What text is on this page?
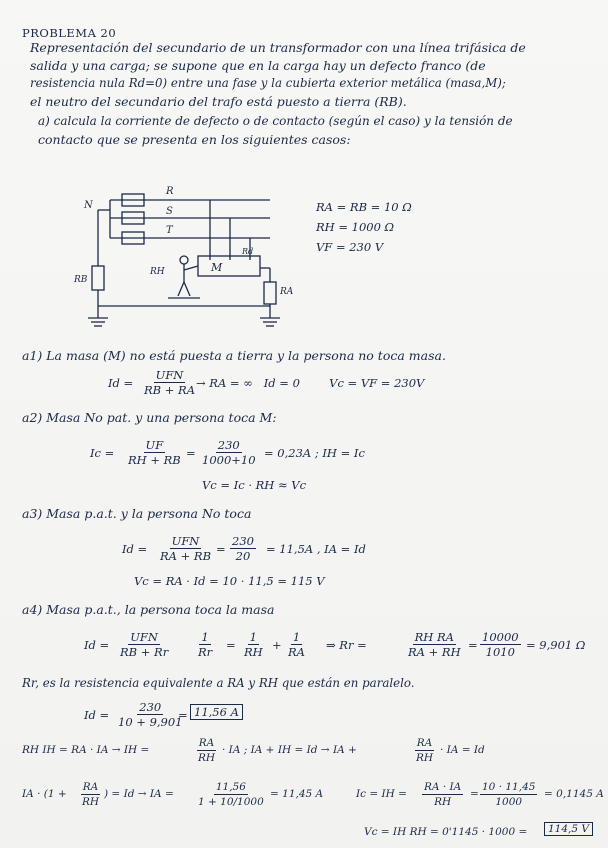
PROBLEMA 20
Representación del secundario de un transformador con una línea trifásica de
salida y una carga; se supone que en la carga hay un defecto franco (de
resistencia nula Rd=0) entre una fase y la cubierta exterior metálica (masa,M);
el neutro del secundario del trafo está puesto a tierra (RB).
a) calcula la corriente de defecto o de contacto (según el caso) y la tensión de
contacto que se presenta en los siguientes casos:
R
S
T
N
M
RB
RH
RA
Rd
RA = RB = 10 Ω
RH = 1000 Ω
VF = 230 V
a1) La masa (M) no está puesta a tierra y la persona no toca masa.
Id =
UFN
RB + RA → RA = ∞   Id = 0        Vc = VF = 230V
a2) Masa No pat. y una persona toca M:
$Ic = \frac{UF}{RH + RB} = \frac{230}{1000+10} = 0,23A$ ; IH = Ic
Vc = Ic · RH ≈ Vc
a3) Masa p.a.t. y la persona No toca
Id =
UFN
RA + RB = $\frac{230}{20} = 11,5A$ , IA = Id
Vc = RA · Id = 10 · 11,5 = 115 V
a4) Masa p.a.t., la persona toca la masa
Id =
UFN
RB + Rr $\frac{1}{Rr} = \frac{1}{RH} + \frac{1}{RA}$ ⇒ Rr =	$\frac{\text{RH RA}}{RA + RH} = \frac{10000}{1010} = 9,901$ Ω
Rr, es la resistencia equivalente a RA y RH que están en paralelo.
$Id = \frac{230}{10 + 9,901}$
= 11,56 A
RH IH = RA · IA → IH =	$\frac{RA}{RH}$ · IA ; IA + IH = Id → IA +	$\frac{RA}{RH}$ · IA = Id
IA · ($1 + \frac{RA}{RH}$ ) = Id → IA = $\frac{11,56}{1 + 10/1000} = 11,45$ A	Ic = IH = $\frac{RA \cdot IA}{RH} = \frac{10 \cdot 11,45}{1000} = 0,1145$ A
Vc = IH RH = 0'1145 · 1000 =	114,5 V
